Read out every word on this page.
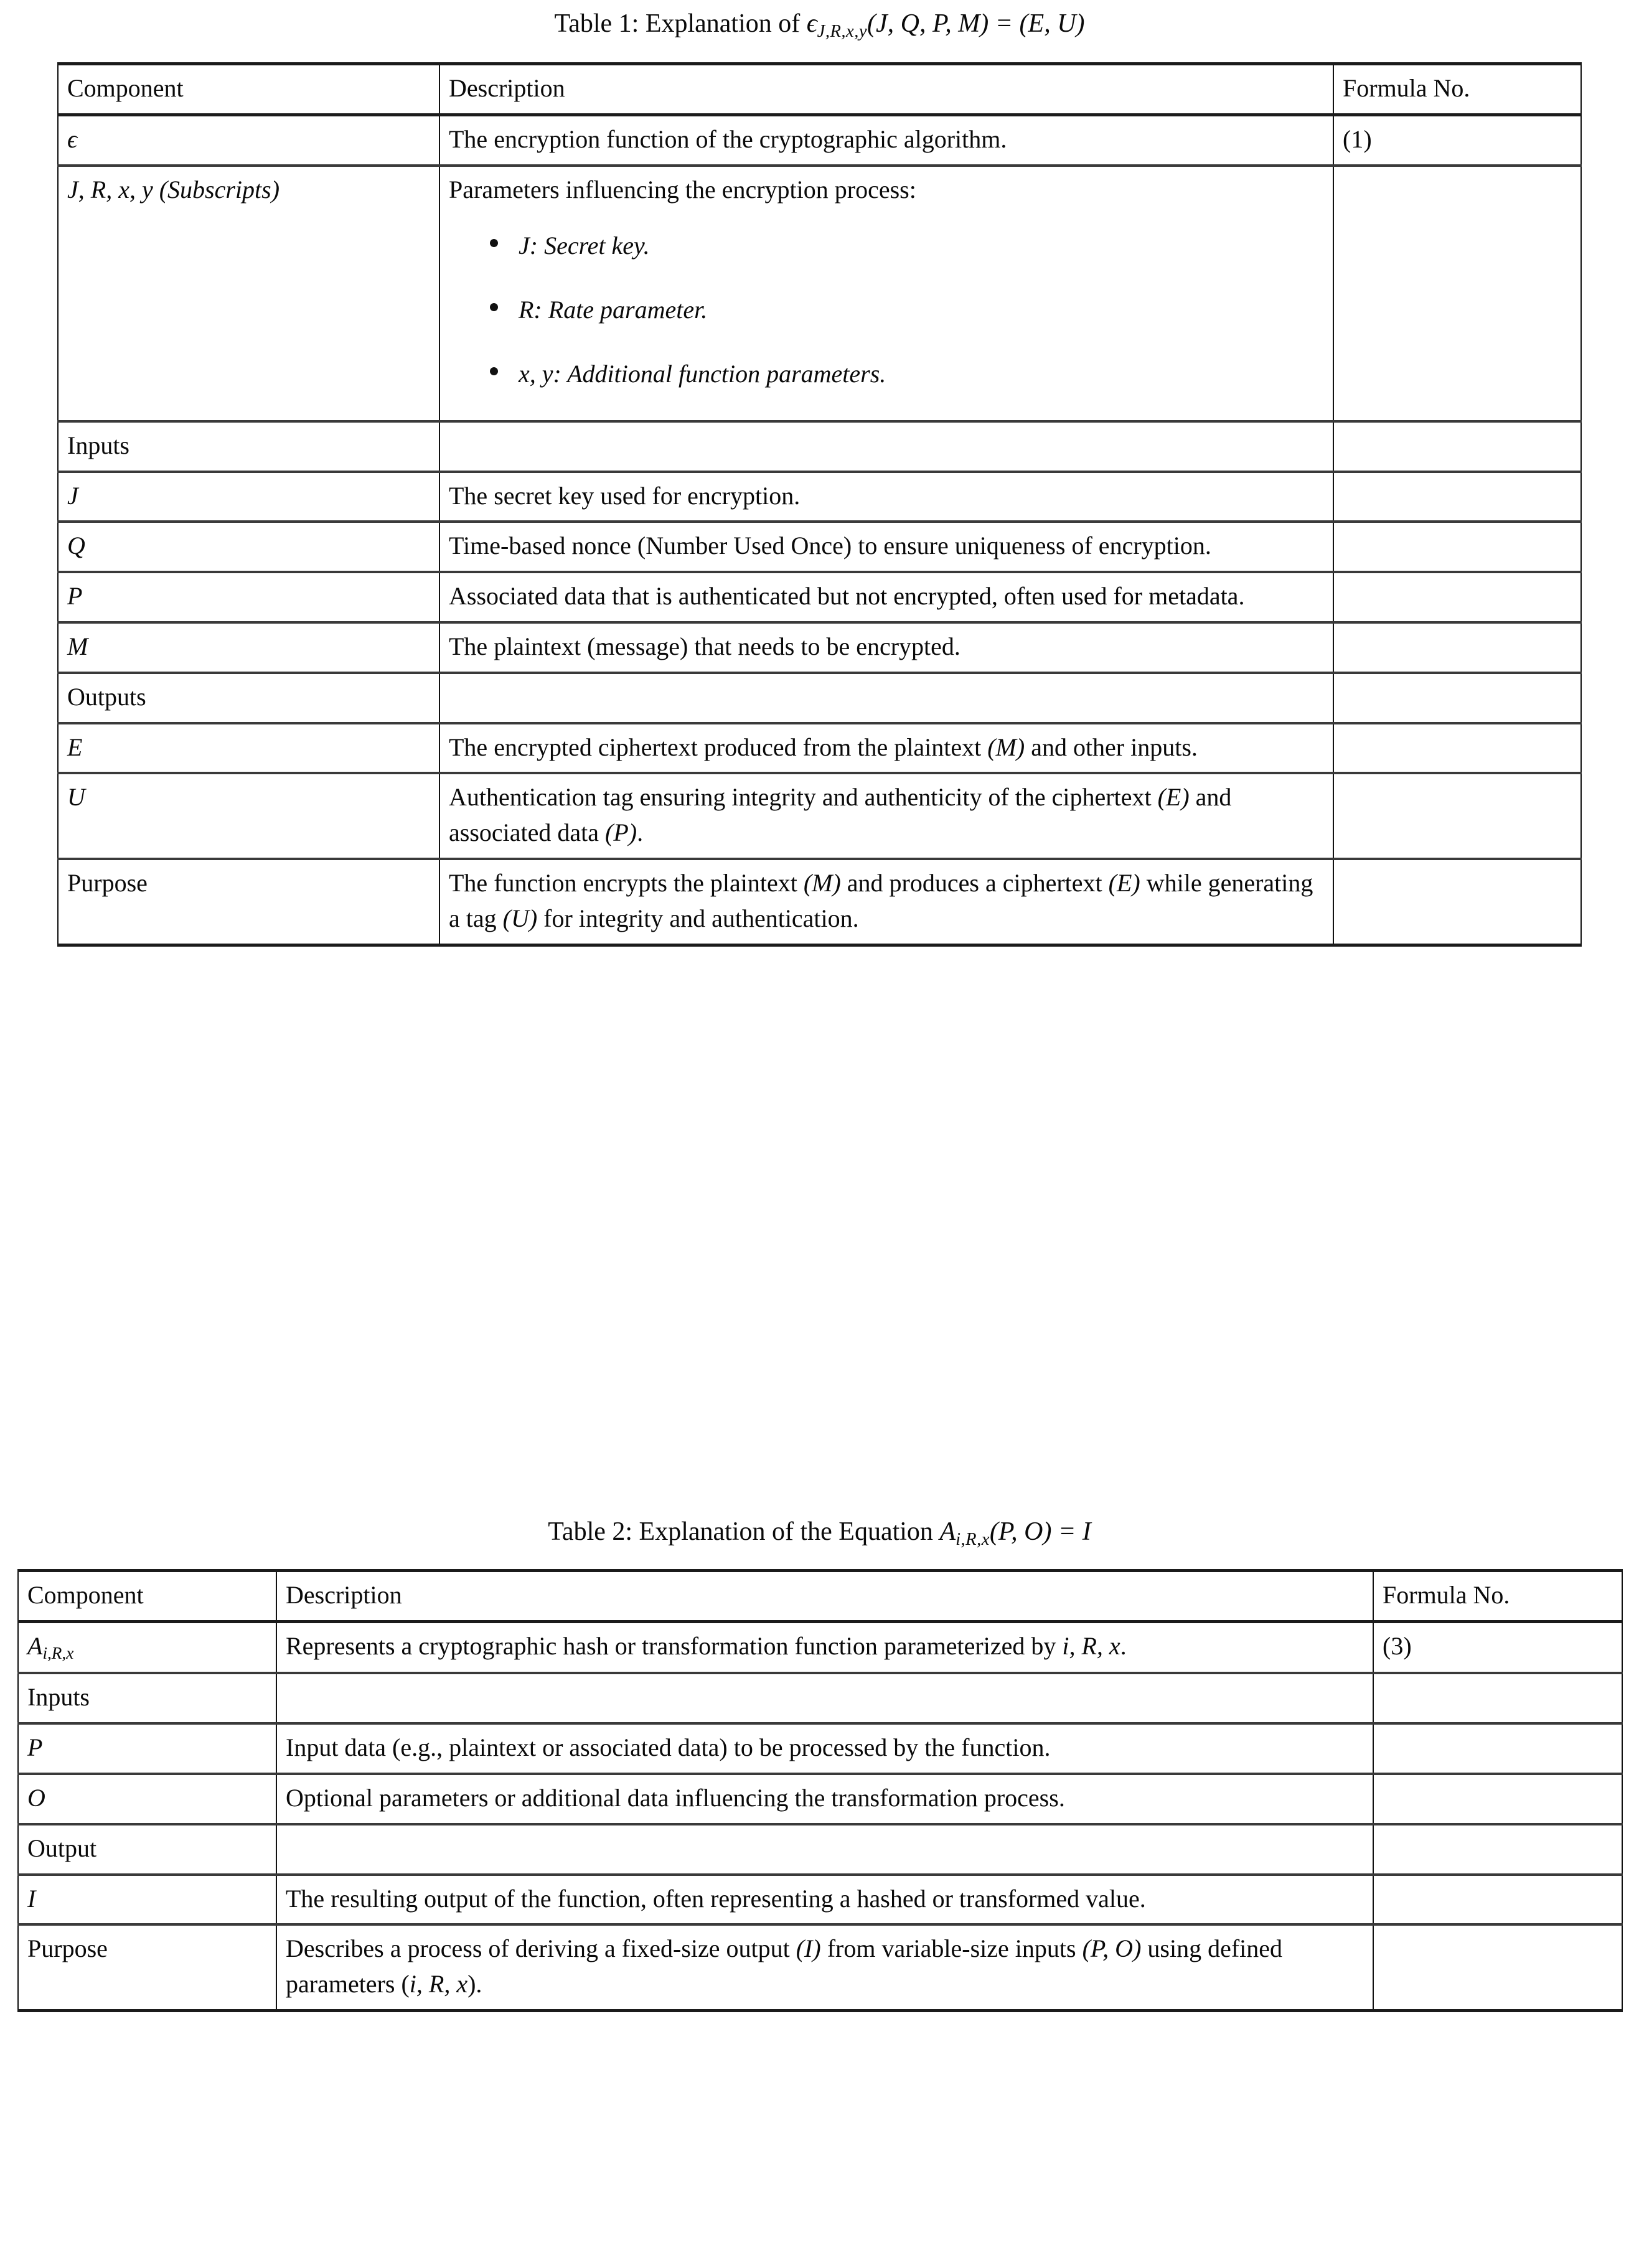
Table 1: Explanation of $\epsilon_{J,R,x,y}(J$, Q, P, M) = (E, U)
Component	Description	Formula No.
ϵ	The encryption function of the cryptographic algorithm.	(1)
J, R, x, y (Subscripts)	Parameters influencing the encryption process:
J: Secret key.
R: Rate parameter.
x, y: Additional function parameters.

Inputs		
J	The secret key used for encryption.	
Q	Time-based nonce (Number Used Once) to ensure uniqueness of encryption.	
P	Associated data that is authenticated but not encrypted, often used for metadata.	
M	The plaintext (message) that needs to be encrypted.	
Outputs		
E	The encrypted ciphertext produced from the plaintext (M) and other inputs.	
U	Authentication tag ensuring integrity and authenticity of the ciphertext (E) and associated data (P).	
Purpose	The function encrypts the plaintext (M) and produces a ciphertext (E) while generating a tag (U) for integrity and authentication.	
Table 2: Explanation of the Equation $A_{i,R,x}(P$, O) = I
Component	Description	Formula No.
$A_{i,R,x}$	Represents a cryptographic hash or transformation function parameterized by i, R, x.	(3)
Inputs		
P	Input data (e.g., plaintext or associated data) to be processed by the function.	
O	Optional parameters or additional data influencing the transformation process.	
Output		
I	The resulting output of the function, often representing a hashed or transformed value.	
Purpose	Describes a process of deriving a fixed-size output (I) from variable-size inputs (P, O) using defined parameters (i, R, x).	
